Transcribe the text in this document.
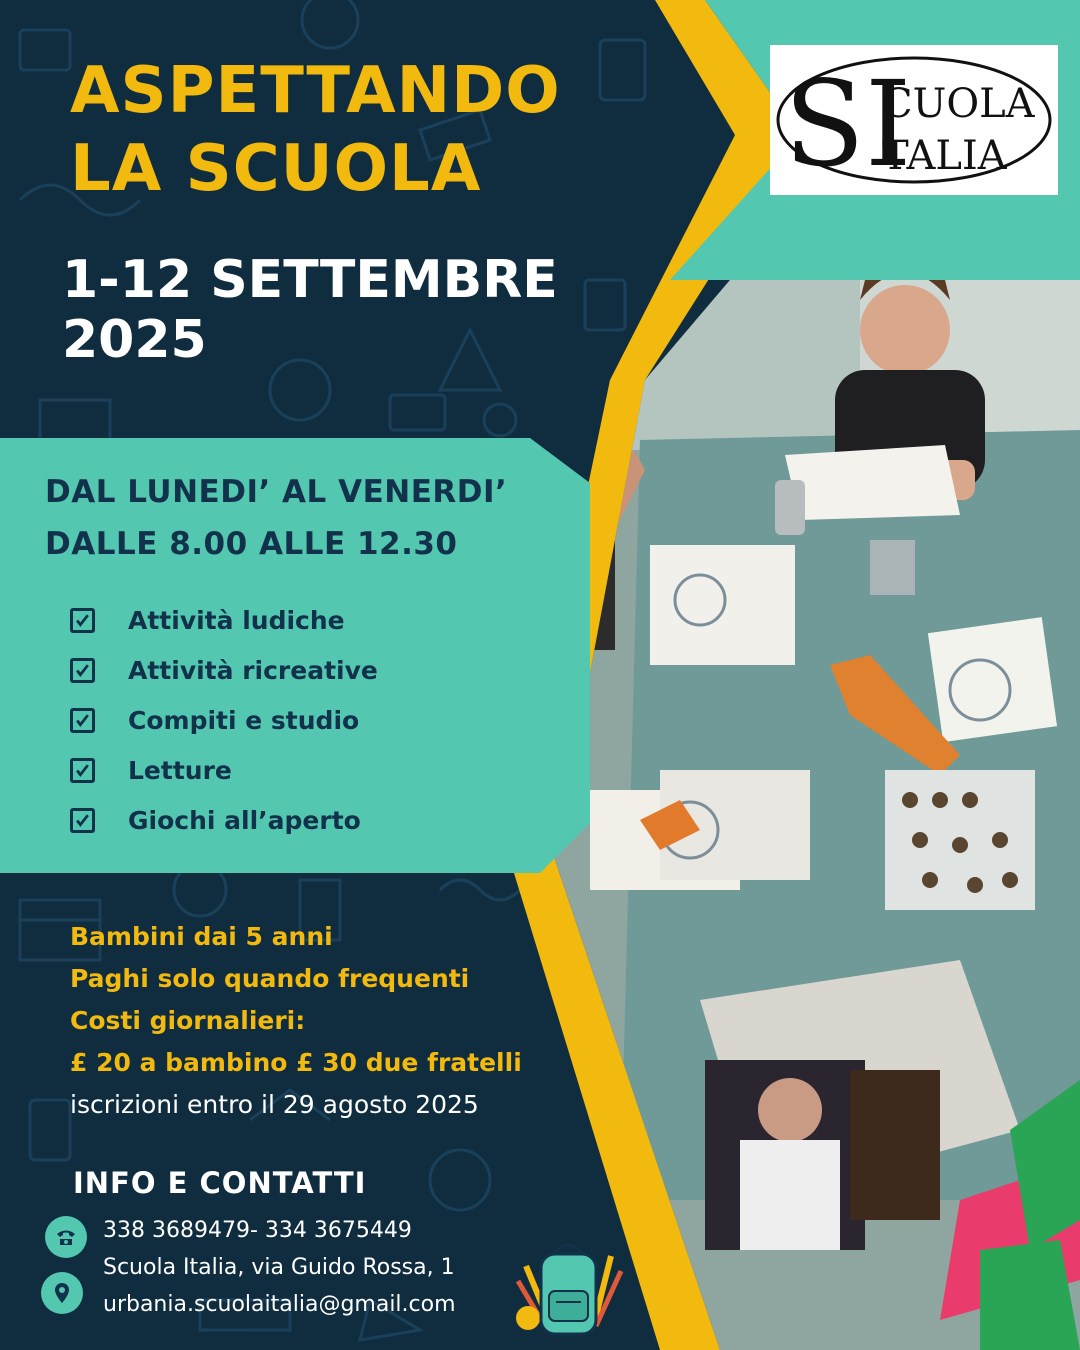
SI
CUOLA
TALIA
ASPETTANDO
LA SCUOLA
1-12 SETTEMBRE
2025
DAL LUNEDI’ AL VENERDI’
DALLE 8.00 ALLE 12.30
Attività ludiche
Attività ricreative
Compiti e studio
Letture
Giochi all’aperto
Bambini dai 5 anni
Paghi solo quando frequenti
Costi giornalieri:
£ 20 a bambino £ 30 due fratelli
iscrizioni entro il 29 agosto 2025
INFO E CONTATTI
338 3689479- 334 3675449
Scuola Italia, via Guido Rossa, 1
urbania.scuolaitalia@gmail.com
